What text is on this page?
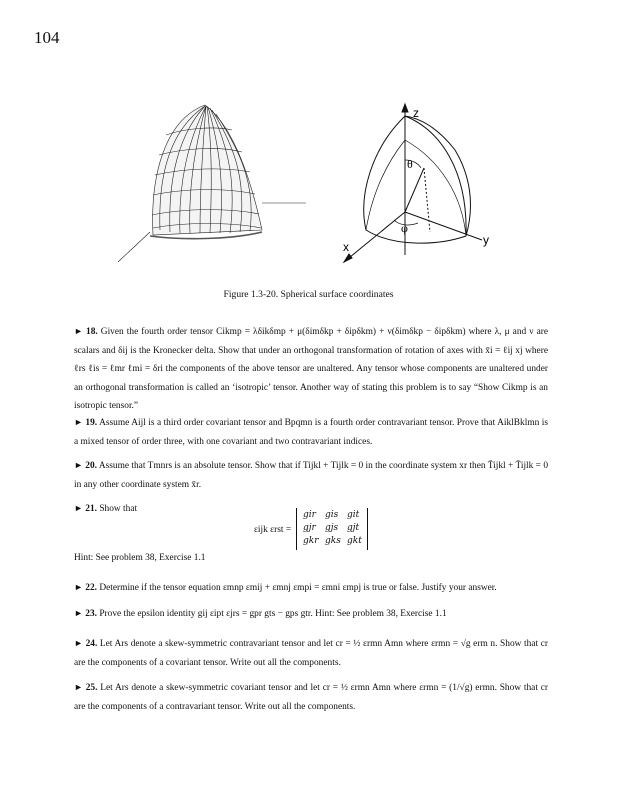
104
z
x	y
θ
φ
Figure 1.3-20. Spherical surface coordinates

► 18. Given the fourth order tensor Cikmp = λδikδmp + μ(δimδkp + δipδkm) + ν(δimδkp − δipδkm) where λ, μ and ν are scalars and δij is the Kronecker delta. Show that under an orthogonal transformation of rotation of axes with x̄i = ℓij xj where ℓrs ℓis = ℓmr ℓmi = δri the components of the above tensor are unaltered. Any tensor whose components are unaltered under an orthogonal transformation is called an ‘isotropic’ tensor. Another way of stating this problem is to say “Show Cikmp is an isotropic tensor.”

► 19. Assume Aijl is a third order covariant tensor and Bpqmn is a fourth order contravariant tensor. Prove that AiklBklmn is a mixed tensor of order three, with one covariant and two contravariant indices.

► 20. Assume that Tmnrs is an absolute tensor. Show that if Tijkl + Tijlk = 0 in the coordinate system xr then T̄ijkl + T̄ijlk = 0 in any other coordinate system x̄r.

► 21. Show that

εijk εrst =
gir gis git
gjr gjs gjt
gkr gks gkt
Hint: See problem 38, Exercise 1.1

► 22. Determine if the tensor equation εmnp εmij + εmnj εmpi = εmni εmpj is true or false. Justify your answer.

► 23. Prove the epsilon identity gij εipt εjrs = gpr gts − gps gtr. Hint: See problem 38, Exercise 1.1

► 24. Let Ars denote a skew-symmetric contravariant tensor and let cr = ½ εrmn Amn where εrmn = √g erm n. Show that cr are the components of a covariant tensor. Write out all the components.

► 25. Let Ars denote a skew-symmetric covariant tensor and let cr = ½ εrmn Amn where εrmn = (1/√g) ermn. Show that cr are the components of a contravariant tensor. Write out all the components.
